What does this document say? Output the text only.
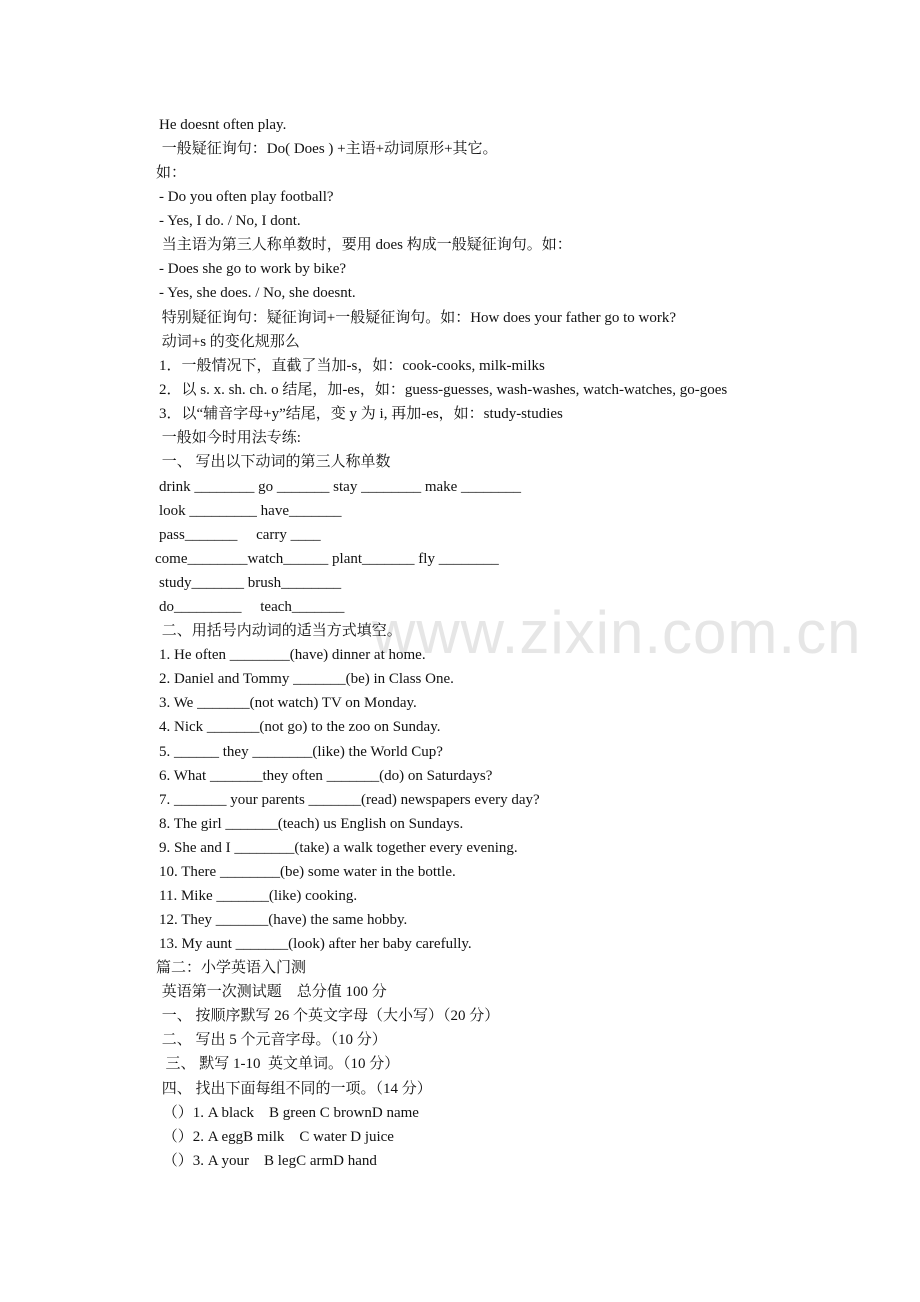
www.zixin.com.cn
He doesnt often play.
一般疑征询句：Do( Does ) +主语+动词原形+其它。
如：
- Do you often play football?
- Yes, I do. / No, I dont.
当主语为第三人称单数时，要用 does 构成一般疑征询句。如：
- Does she go to work by bike?
- Yes, she does. / No, she doesnt.
特别疑征询句：疑征询词+一般疑征询句。如：How does your father go to work?
动词+s 的变化规那么
1．一般情况下，直截了当加-s，如：cook-cooks, milk-milks
2．以 s. x. sh. ch. o 结尾，加-es，如：guess-guesses, wash-washes, watch-watches, go-goes
3．以“辅音字母+y”结尾，变 y 为 i, 再加-es，如：study-studies
一般如今时用法专练:
一、 写出以下动词的第三人称单数
drink ________ go _______ stay ________ make ________
look _________ have_______
pass_______     carry ____
come________watch______ plant_______ fly ________
study_______ brush________
do_________     teach_______
二、用括号内动词的适当方式填空。
1. He often ________(have) dinner at home.
2. Daniel and Tommy _______(be) in Class One.
3. We _______(not watch) TV on Monday.
4. Nick _______(not go) to the zoo on Sunday.
5. ______ they ________(like) the World Cup?
6. What _______they often _______(do) on Saturdays?
7. _______ your parents _______(read) newspapers every day?
8. The girl _______(teach) us English on Sundays.
9. She and I ________(take) a walk together every evening.
10. There ________(be) some water in the bottle.
11. Mike _______(like) cooking.
12. They _______(have) the same hobby.
13. My aunt _______(look) after her baby carefully.
篇二：小学英语入门测
英语第一次测试题    总分值 100 分
一、 按顺序默写 26 个英文字母（大小写）（20 分）
二、 写出 5 个元音字母。（10 分）
三、 默写 1-10  英文单词。（10 分）
四、 找出下面每组不同的一项。（14 分）
（）1. A black    B green C brownD name
（）2. A eggB milk    C water D juice
（）3. A your    B legC armD hand
